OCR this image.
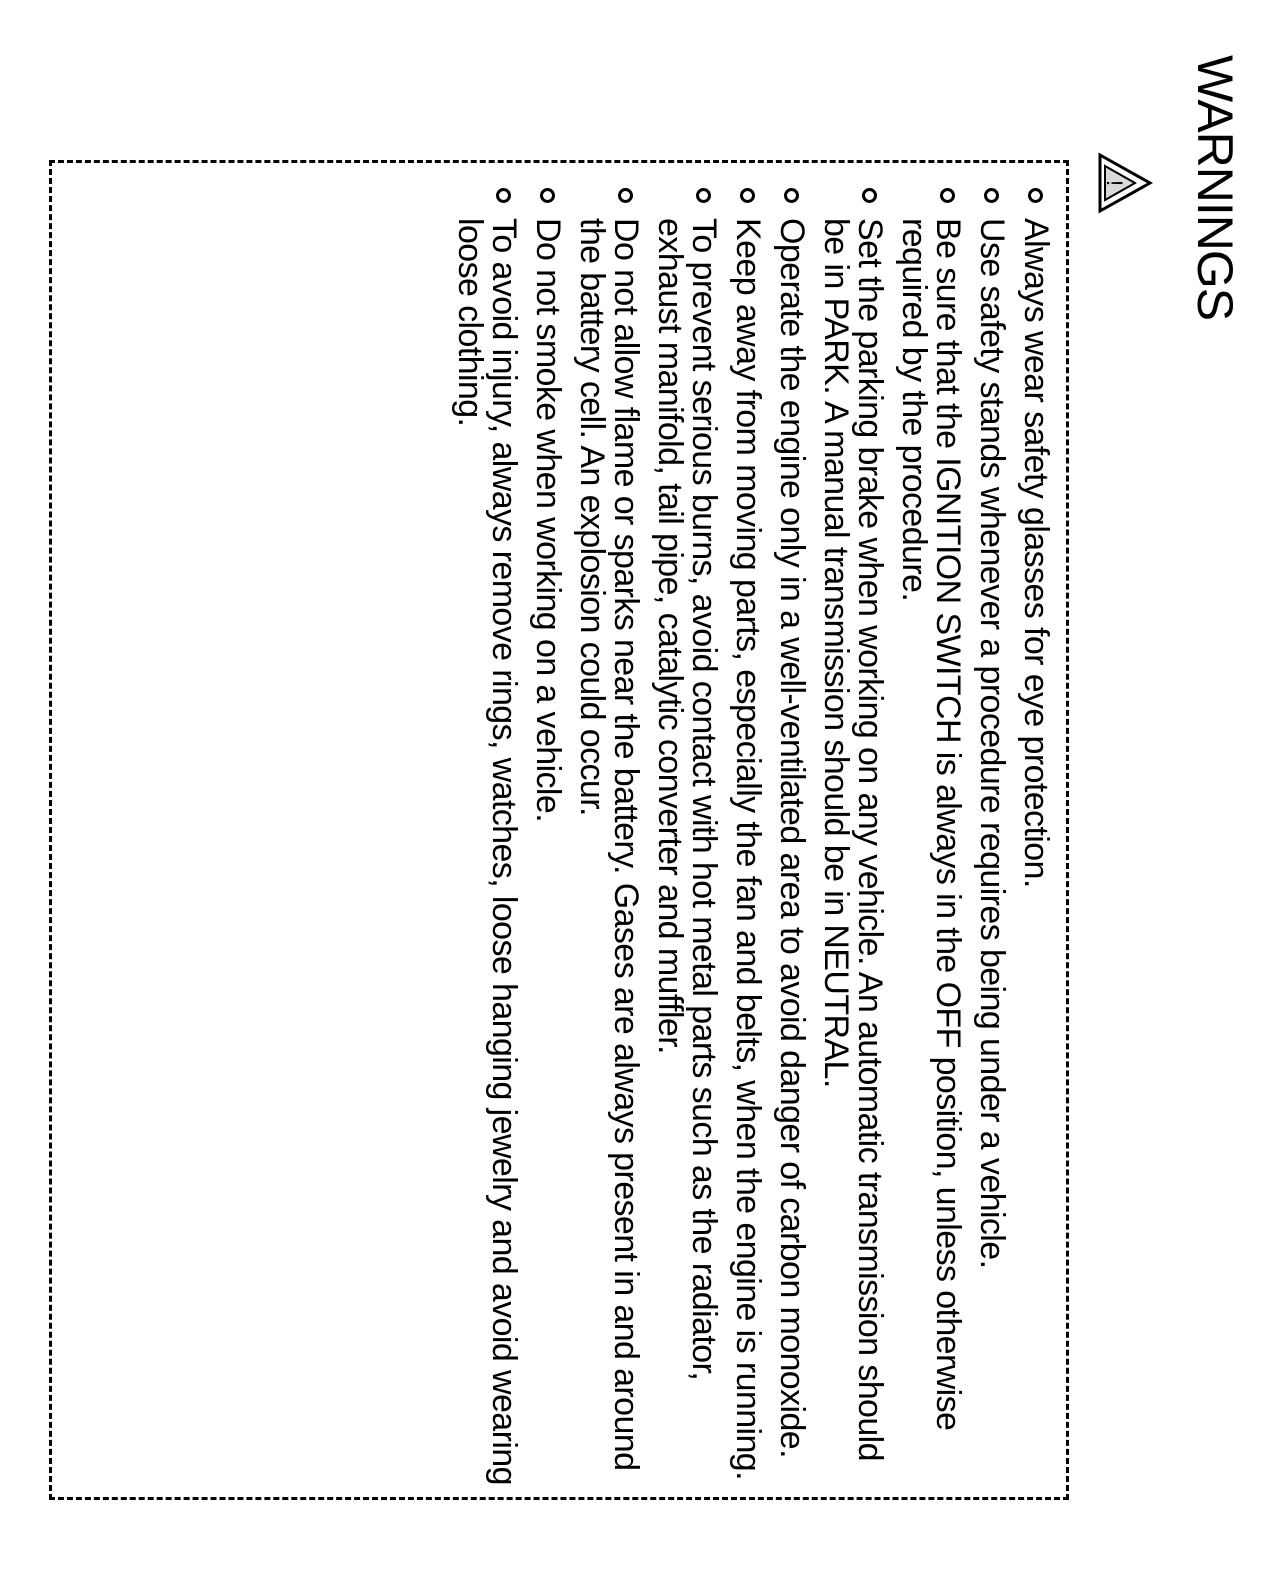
WARNINGS
!
Always wear safety glasses for eye protection.
Use safety stands whenever a procedure requires being under a vehicle.
Be sure that the IGNITION SWITCH is always in the OFF position, unless otherwise required by the procedure.
Set the parking brake when working on any vehicle. An automatic transmission should be in PARK. A manual transmission should be in NEUTRAL.
Operate the engine only in a well-ventilated area to avoid danger of carbon monoxide.
Keep away from moving parts, especially the fan and belts, when the engine is running.
To prevent serious burns, avoid contact with hot metal parts such as the radiator, exhaust manifold, tail pipe, catalytic converter and muffler.
Do not allow flame or sparks near the battery. Gases are always present in and around the battery cell. An explosion could occur.
Do not smoke when working on a vehicle.
To avoid injury, always remove rings, watches, loose hanging jewelry and avoid wearing loose clothing.
